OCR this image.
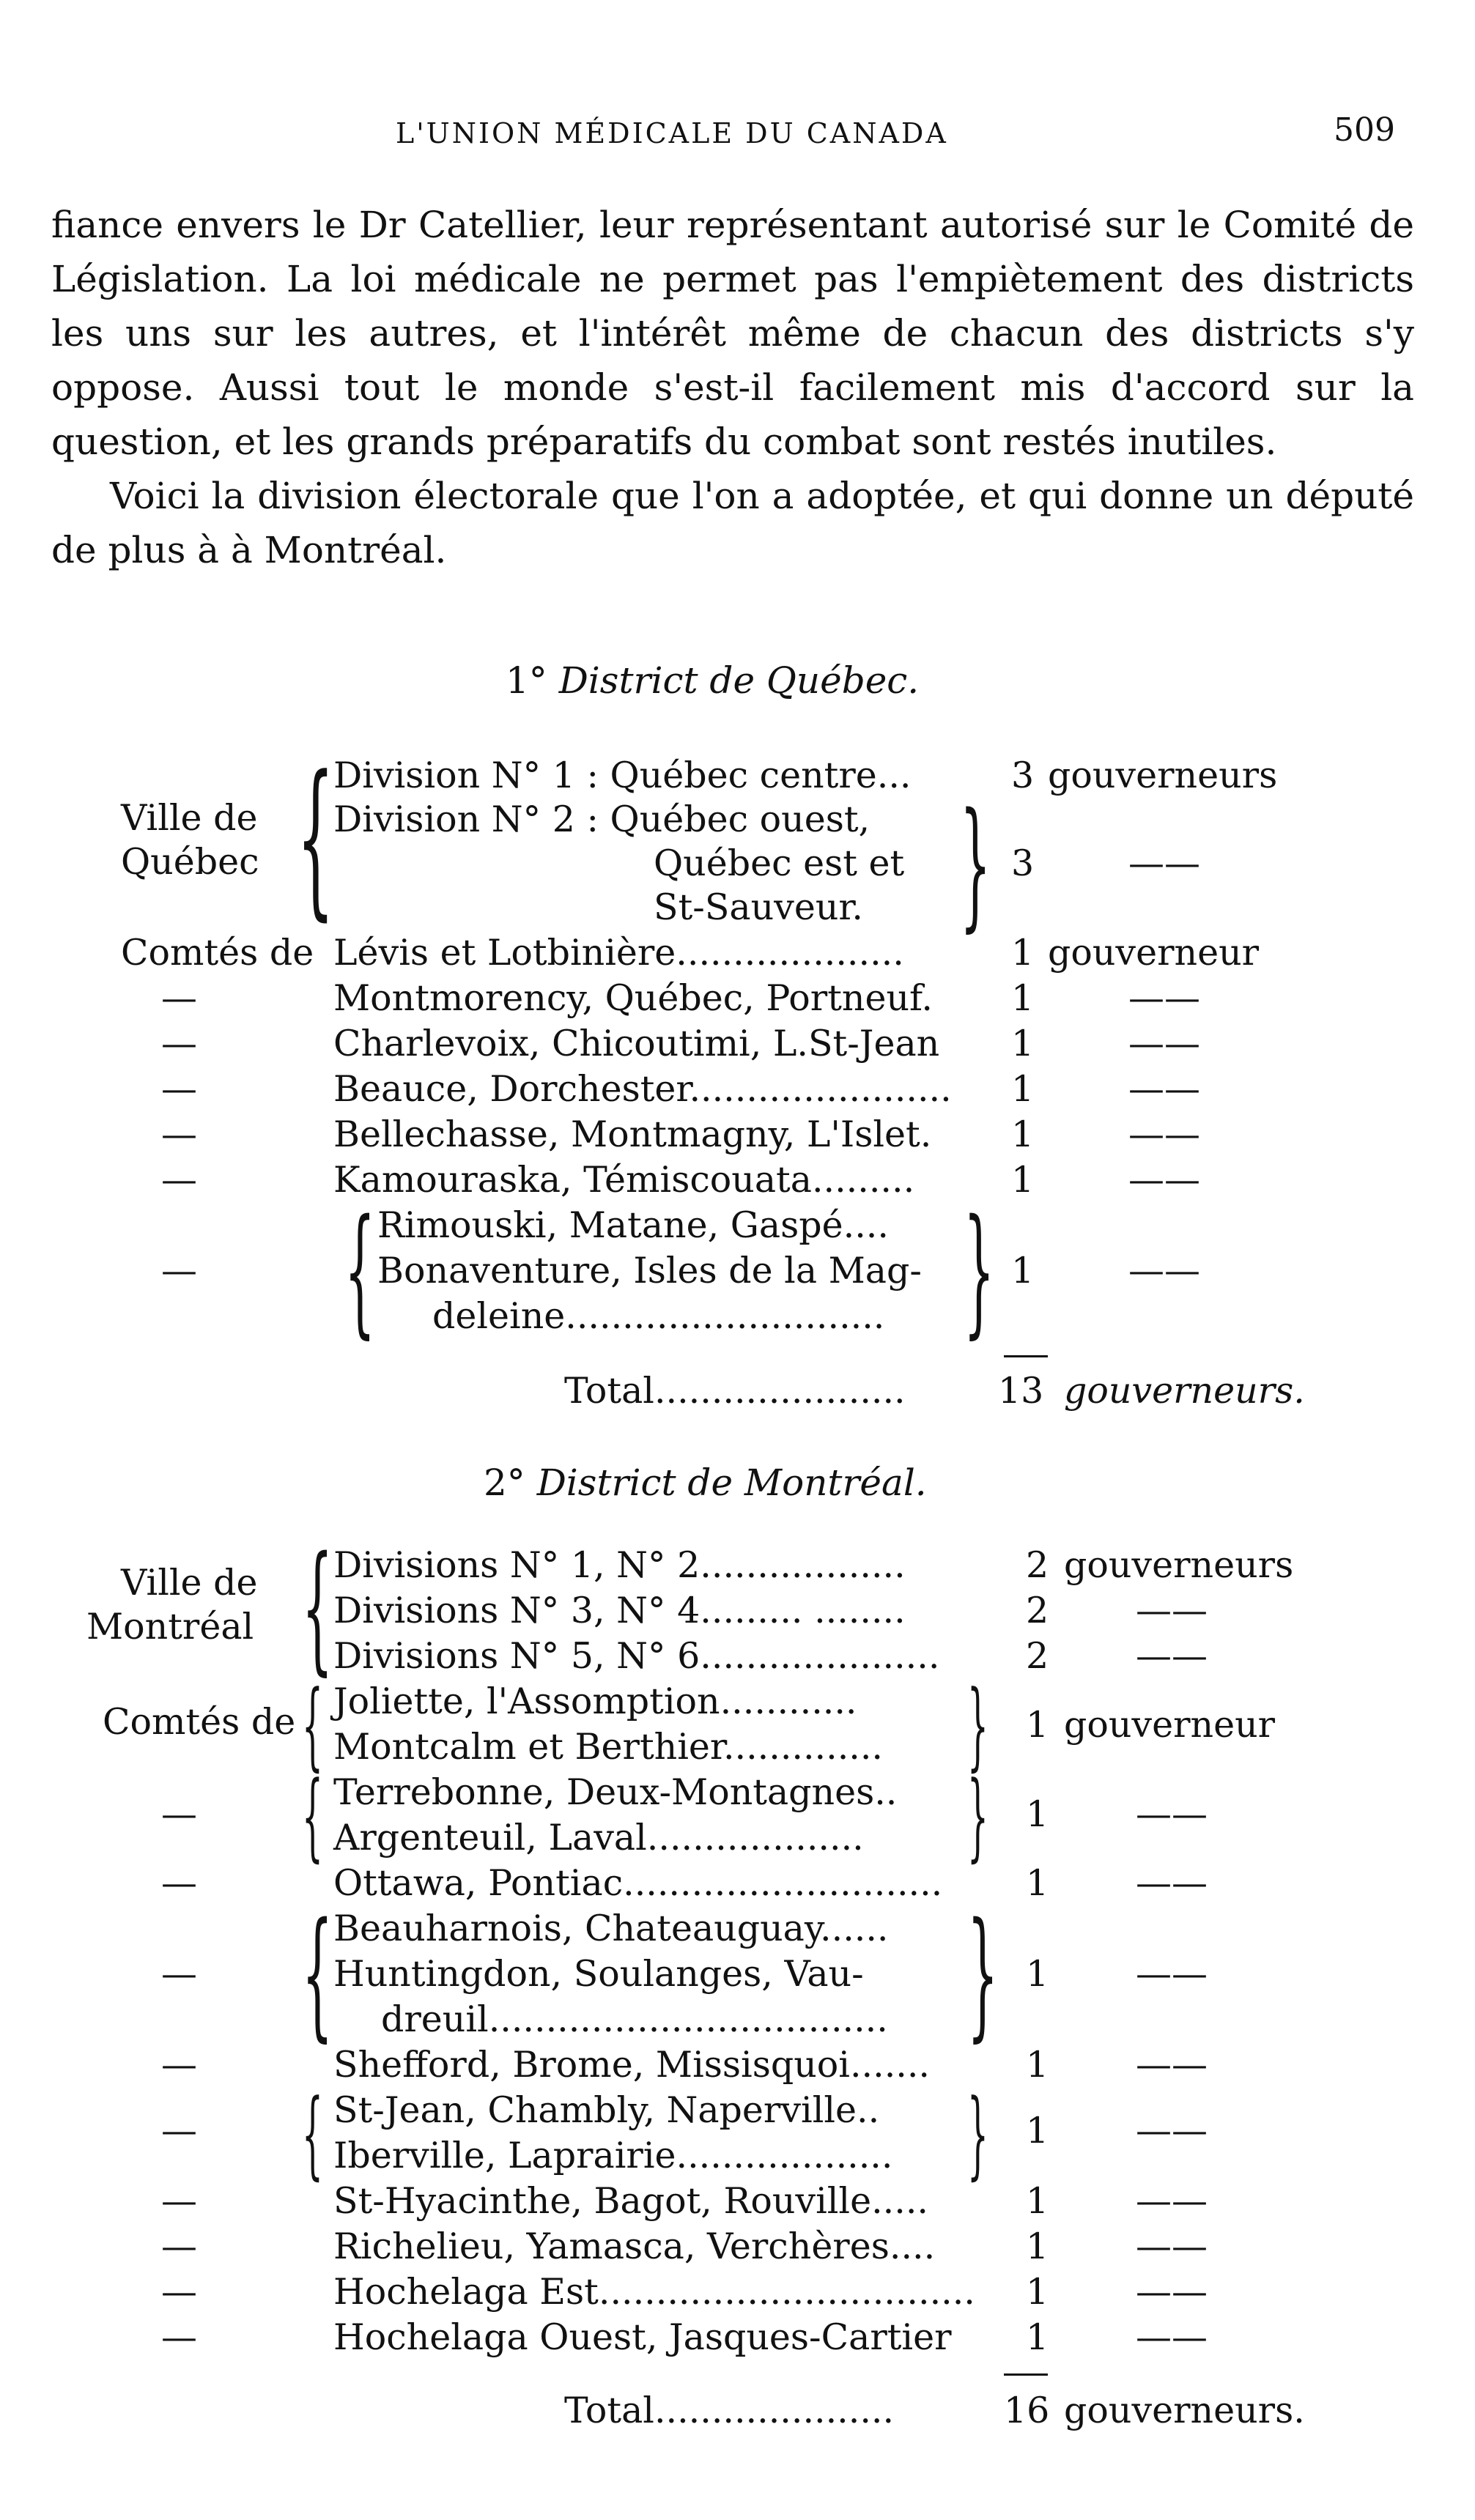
L'UNION MÉDICALE DU CANADA	509

fiance envers le Dr Catellier, leur représentant autorisé sur le Comité de Législation. La loi médicale ne permet pas l'empiètement des districts les uns sur les autres, et l'intérêt même de chacun des districts s'y oppose. Aussi tout le monde s'est-il facilement mis d'accord sur la question, et les grands préparatifs du combat sont restés inutiles.

Voici la division électorale que l'on a adoptée, et qui donne un député de plus à à Montréal.

1° District de Québec.
Ville de
Québec {
Division N° 1 : Québec centre...	3 gouverneurs
Division N° 2 : Québec ouest,
Québec est et
St-Sauveur. } 3	——
Comtés de Lévis et Lotbinière....................	1 gouverneur
—	Montmorency, Québec, Portneuf. 1	——
—	Charlevoix, Chicoutimi, L.St-Jean 1	——
—	Beauce, Dorchester....................... 1	——
—	Bellechasse, Montmagny, L'Islet. 1	——
—	Kamouraska, Témiscouata.........	1	——
{ Rimouski, Matane, Gaspé....
—	Bonaventure, Isles de la Mag-
deleine............................ } 1	——
Total......................	13 gouverneurs.
2° District de Montréal.
Ville de
Montréal { Divisions N° 1, N° 2..................	2 gouverneurs
Divisions N° 3, N° 4......... ........	2 ——
Divisions N° 5, N° 6..................... 2 ——
Comtés de { Joliette, l'Assomption............
Montcalm et Berthier.............. } 1 gouverneur
— { Terrebonne, Deux-Montagnes..
Argenteuil, Laval................... } 1 ——
—	Ottawa, Pontiac............................ 1 ——
{ Beauharnois, Chateauguay......
—	Huntingdon, Soulanges, Vau-
dreuil................................... } 1 ——
—	Shefford, Brome, Missisquoi.......	1 ——
— { St-Jean, Chambly, Naperville..
Iberville, Laprairie................... } 1 ——
—	St-Hyacinthe, Bagot, Rouville.....	1 ——
—	Richelieu, Yamasca, Verchères....	1 ——
—	Hochelaga Est................................. 1 ——
—	Hochelaga Ouest, Jasques-Cartier 1 ——
Total.....................	16 gouverneurs.
